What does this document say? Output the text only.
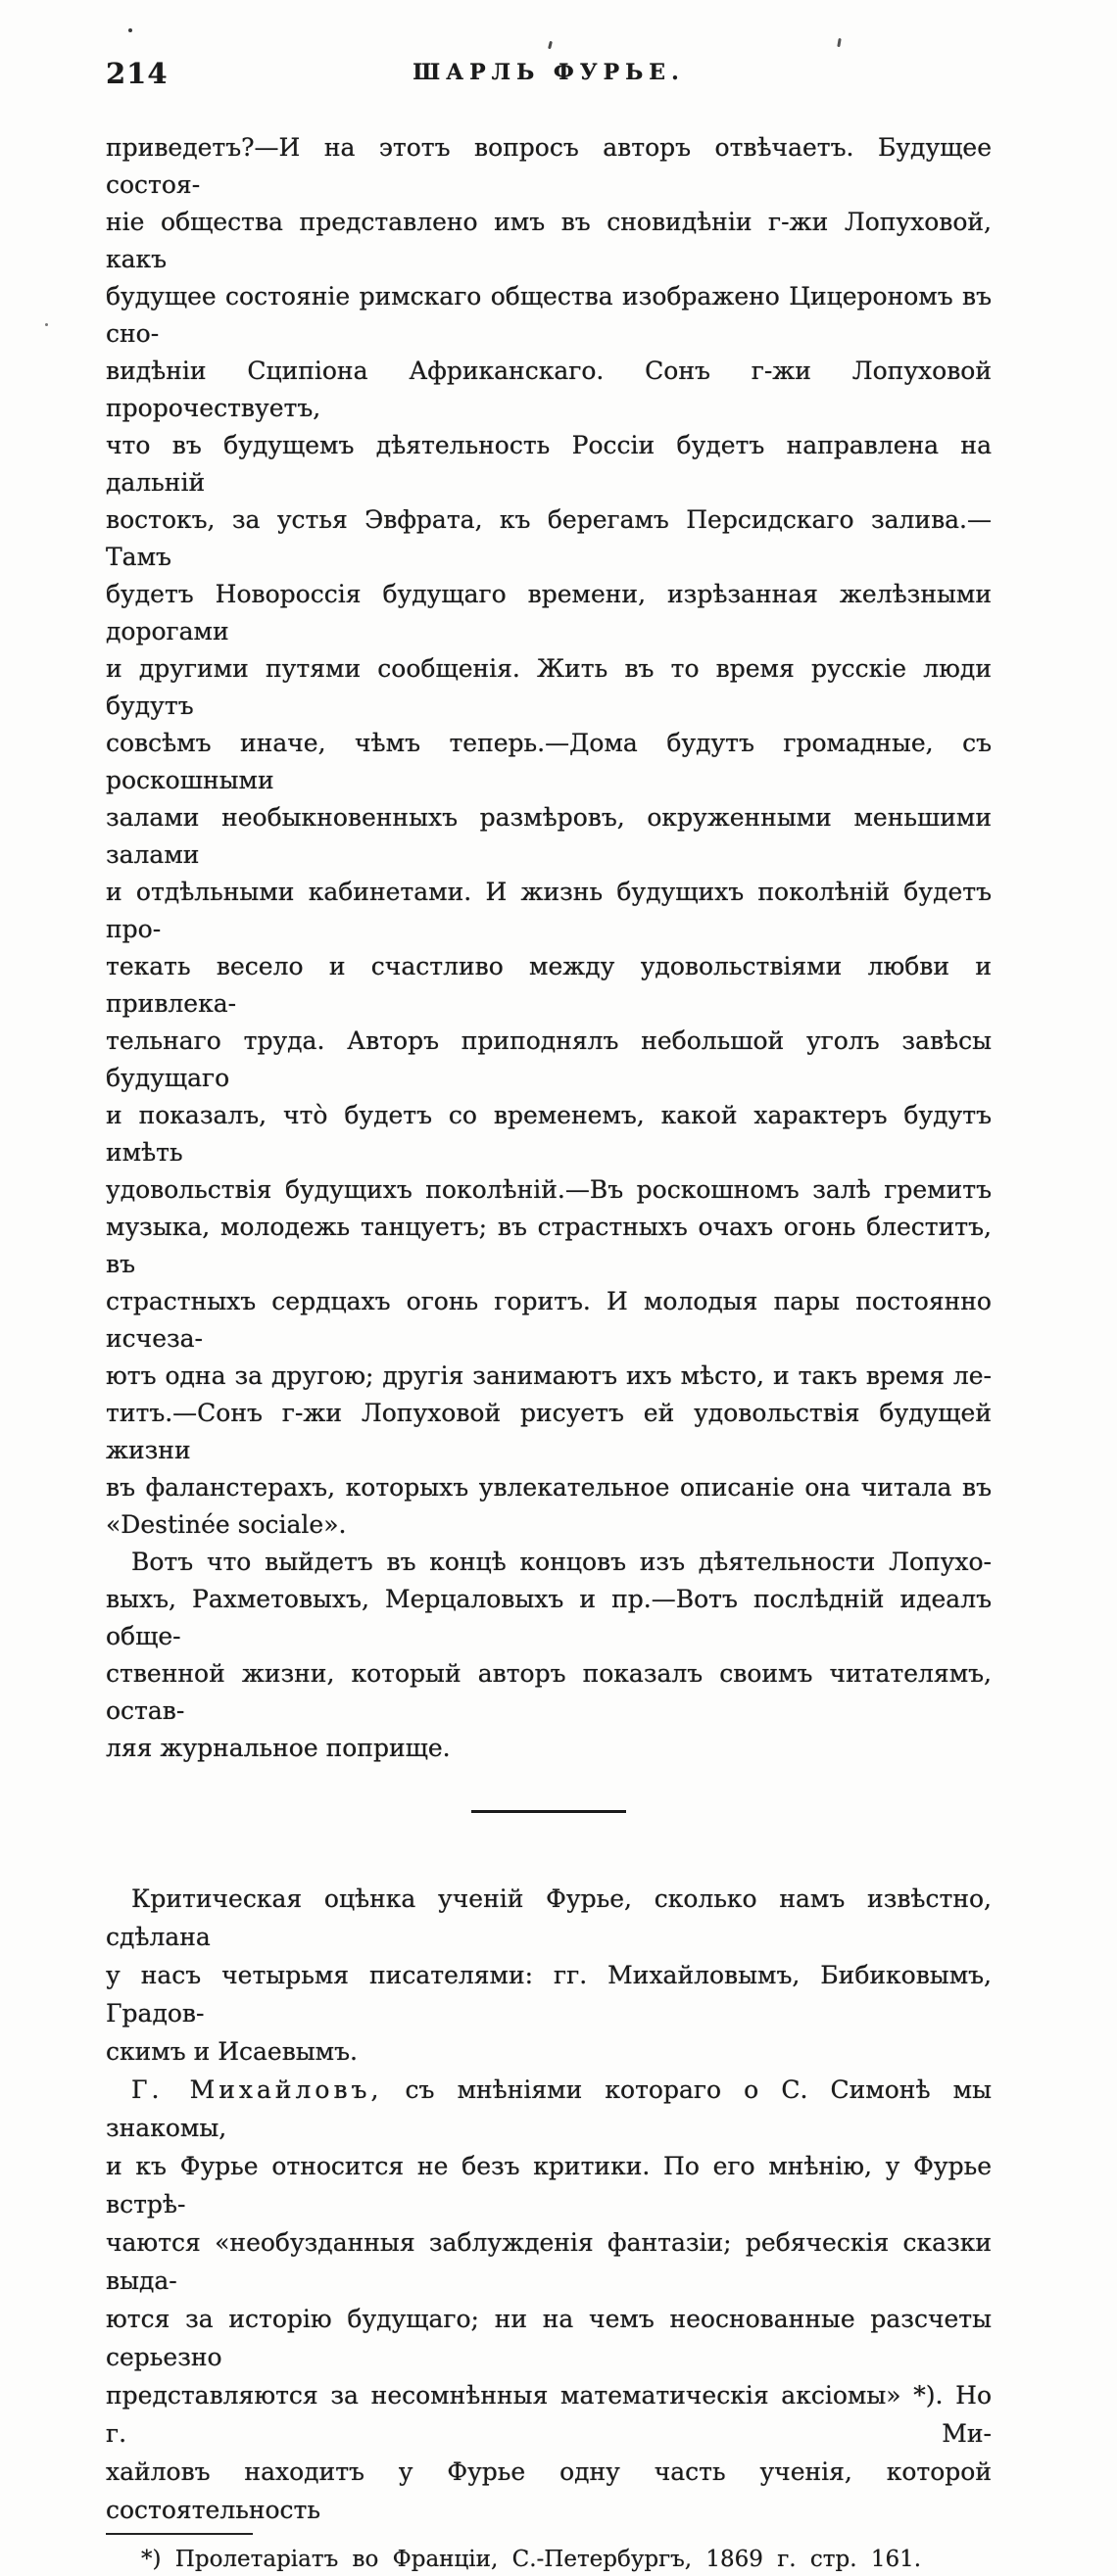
214	ШАРЛЬ ФУРЬЕ.
приведетъ?—И на этотъ вопросъ авторъ отвѣчаетъ. Будущее состоя-
ніе общества представлено имъ въ сновидѣніи г-жи Лопуховой, какъ
будущее состояніе римскаго общества изображено Цицерономъ въ сно-
видѣніи Сципіона Африканскаго. Сонъ г-жи Лопуховой пророчествуетъ,
что въ будущемъ дѣятельность Россіи будетъ направлена на дальній
востокъ, за устья Эвфрата, къ берегамъ Персидскаго залива.—Тамъ
будетъ Новороссія будущаго времени, изрѣзанная желѣзными дорогами
и другими путями сообщенія. Жить въ то время русскіе люди будутъ
совсѣмъ иначе, чѣмъ теперь.—Дома будутъ громадные, съ роскошными
залами необыкновенныхъ размѣровъ, окруженными меньшими залами
и отдѣльными кабинетами. И жизнь будущихъ поколѣній будетъ про-
текать весело и счастливо между удовольствіями любви и привлека-
тельнаго труда. Авторъ приподнялъ небольшой уголъ завѣсы будущаго
и показалъ, что̀ будетъ со временемъ, какой характеръ будутъ имѣть
удовольствія будущихъ поколѣній.—Въ роскошномъ залѣ гремитъ
музыка, молодежь танцуетъ; въ страстныхъ очахъ огонь блеститъ, въ
страстныхъ сердцахъ огонь горитъ. И молодыя пары постоянно исчеза-
ютъ одна за другою; другія занимаютъ ихъ мѣсто, и такъ время ле-
титъ.—Сонъ г-жи Лопуховой рисуетъ ей удовольствія будущей жизни
въ фаланстерахъ, которыхъ увлекательное описаніе она читала въ
«Destinée sociale».
Вотъ что выйдетъ въ концѣ концовъ изъ дѣятельности Лопухо-
выхъ, Рахметовыхъ, Мерцаловыхъ и пр.—Вотъ послѣдній идеалъ обще-
ственной жизни, который авторъ показалъ своимъ читателямъ, остав-
ляя журнальное поприще.
Критическая оцѣнка ученій Фурье, сколько намъ извѣстно, сдѣлана
у насъ четырьмя писателями: гг. Михайловымъ, Бибиковымъ, Градов-
скимъ и Исаевымъ.
Г. Михайловъ, съ мнѣніями котораго о С. Симонѣ мы знакомы,
и къ Фурье относится не безъ критики. По его мнѣнію, у Фурье встрѣ-
чаются «необузданныя заблужденія фантазіи; ребяческія сказки выда-
ются за исторію будущаго; ни на чемъ неоснованные разсчеты серьезно
представляются за несомнѣнныя математическія аксіомы» *). Но г. Ми-
хайловъ находитъ у Фурье одну часть ученія, которой состоятельность
*) Пролетаріатъ во Франціи, С.-Петербургъ, 1869 г. стр. 161.
